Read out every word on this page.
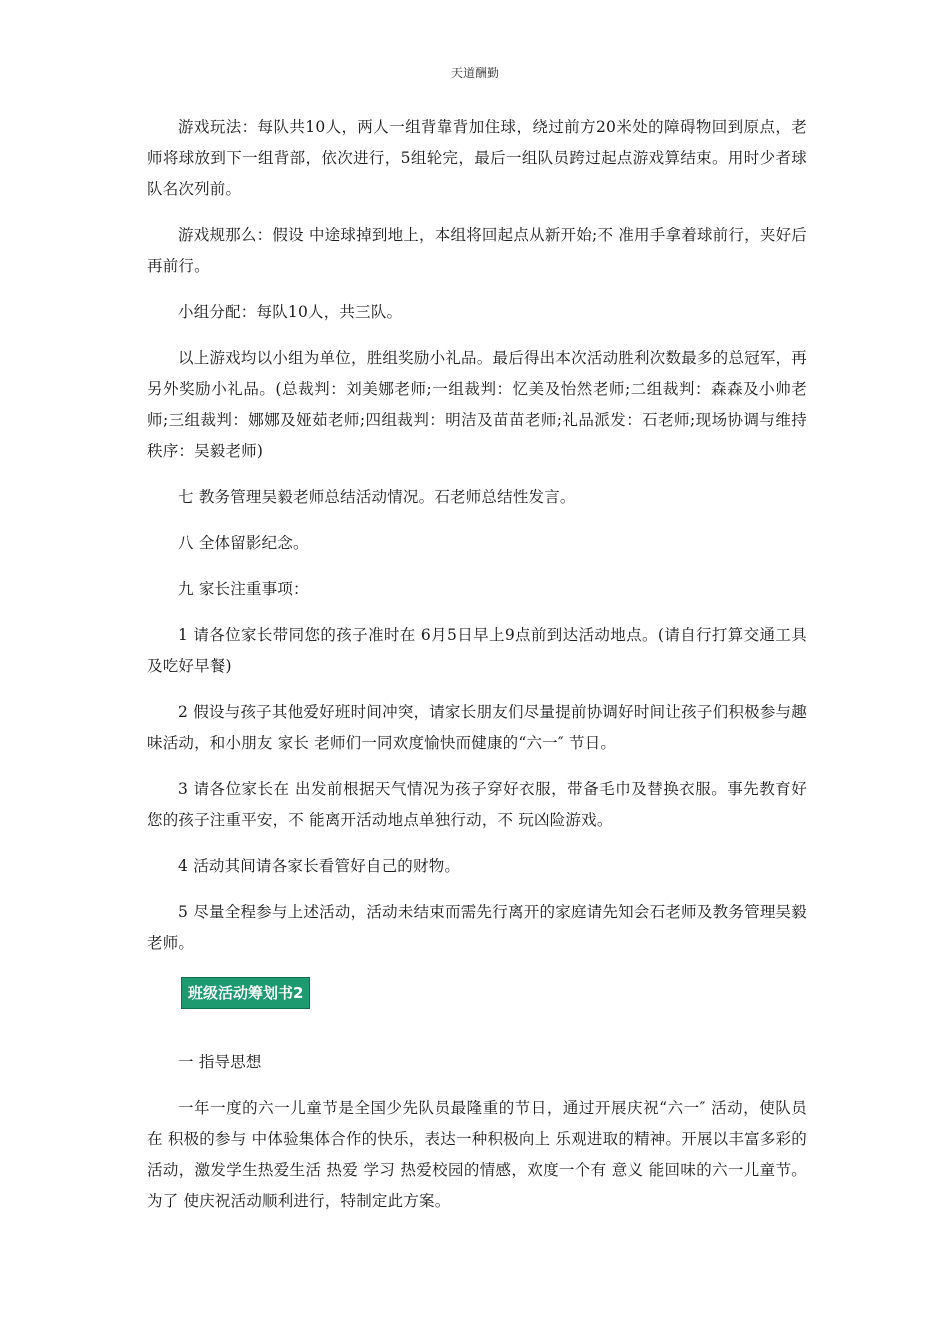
天道酬勤

游戏玩法：每队共10人，两人一组背靠背加住球，绕过前方20米处的障碍物回到原点，老师将球放到下一组背部，依次进行，5组轮完，最后一组队员跨过起点游戏算结束。用时少者球队名次列前。

游戏规那么：假设 中途球掉到地上，本组将回起点从新开始;不 准用手拿着球前行，夹好后再前行。

小组分配：每队10人，共三队。

以上游戏均以小组为单位，胜组奖励小礼品。最后得出本次活动胜利次数最多的总冠军，再另外奖励小礼品。(总裁判：刘美娜老师;一组裁判：忆美及怡然老师;二组裁判：森森及小帅老师;三组裁判：娜娜及娅茹老师;四组裁判：明洁及苗苗老师;礼品派发：石老师;现场协调与维持秩序：吴毅老师)

七 教务管理吴毅老师总结活动情况。石老师总结性发言。

八 全体留影纪念。

九 家长注重事项：

1 请各位家长带同您的孩子准时在 6月5日早上9点前到达活动地点。(请自行打算交通工具及吃好早餐)

2 假设与孩子其他爱好班时间冲突，请家长朋友们尽量提前协调好时间让孩子们积极参与趣味活动，和小朋友 家长 老师们一同欢度愉快而健康的“六一″ 节日。

3 请各位家长在 出发前根据天气情况为孩子穿好衣服，带备毛巾及替换衣服。事先教育好您的孩子注重平安，不 能离开活动地点单独行动，不 玩凶险游戏。

4 活动其间请各家长看管好自己的财物。

5 尽量全程参与上述活动，活动未结束而需先行离开的家庭请先知会石老师及教务管理吴毅老师。

班级活动筹划书2

一 指导思想

一年一度的六一儿童节是全国少先队员最隆重的节日，通过开展庆祝“六一″ 活动，使队员在 积极的参与 中体验集体合作的快乐，表达一种积极向上 乐观进取的精神。开展以丰富多彩的活动，激发学生热爱生活 热爱 学习 热爱校园的情感，欢度一个有 意义 能回味的六一儿童节。为了 使庆祝活动顺利进行，特制定此方案。
